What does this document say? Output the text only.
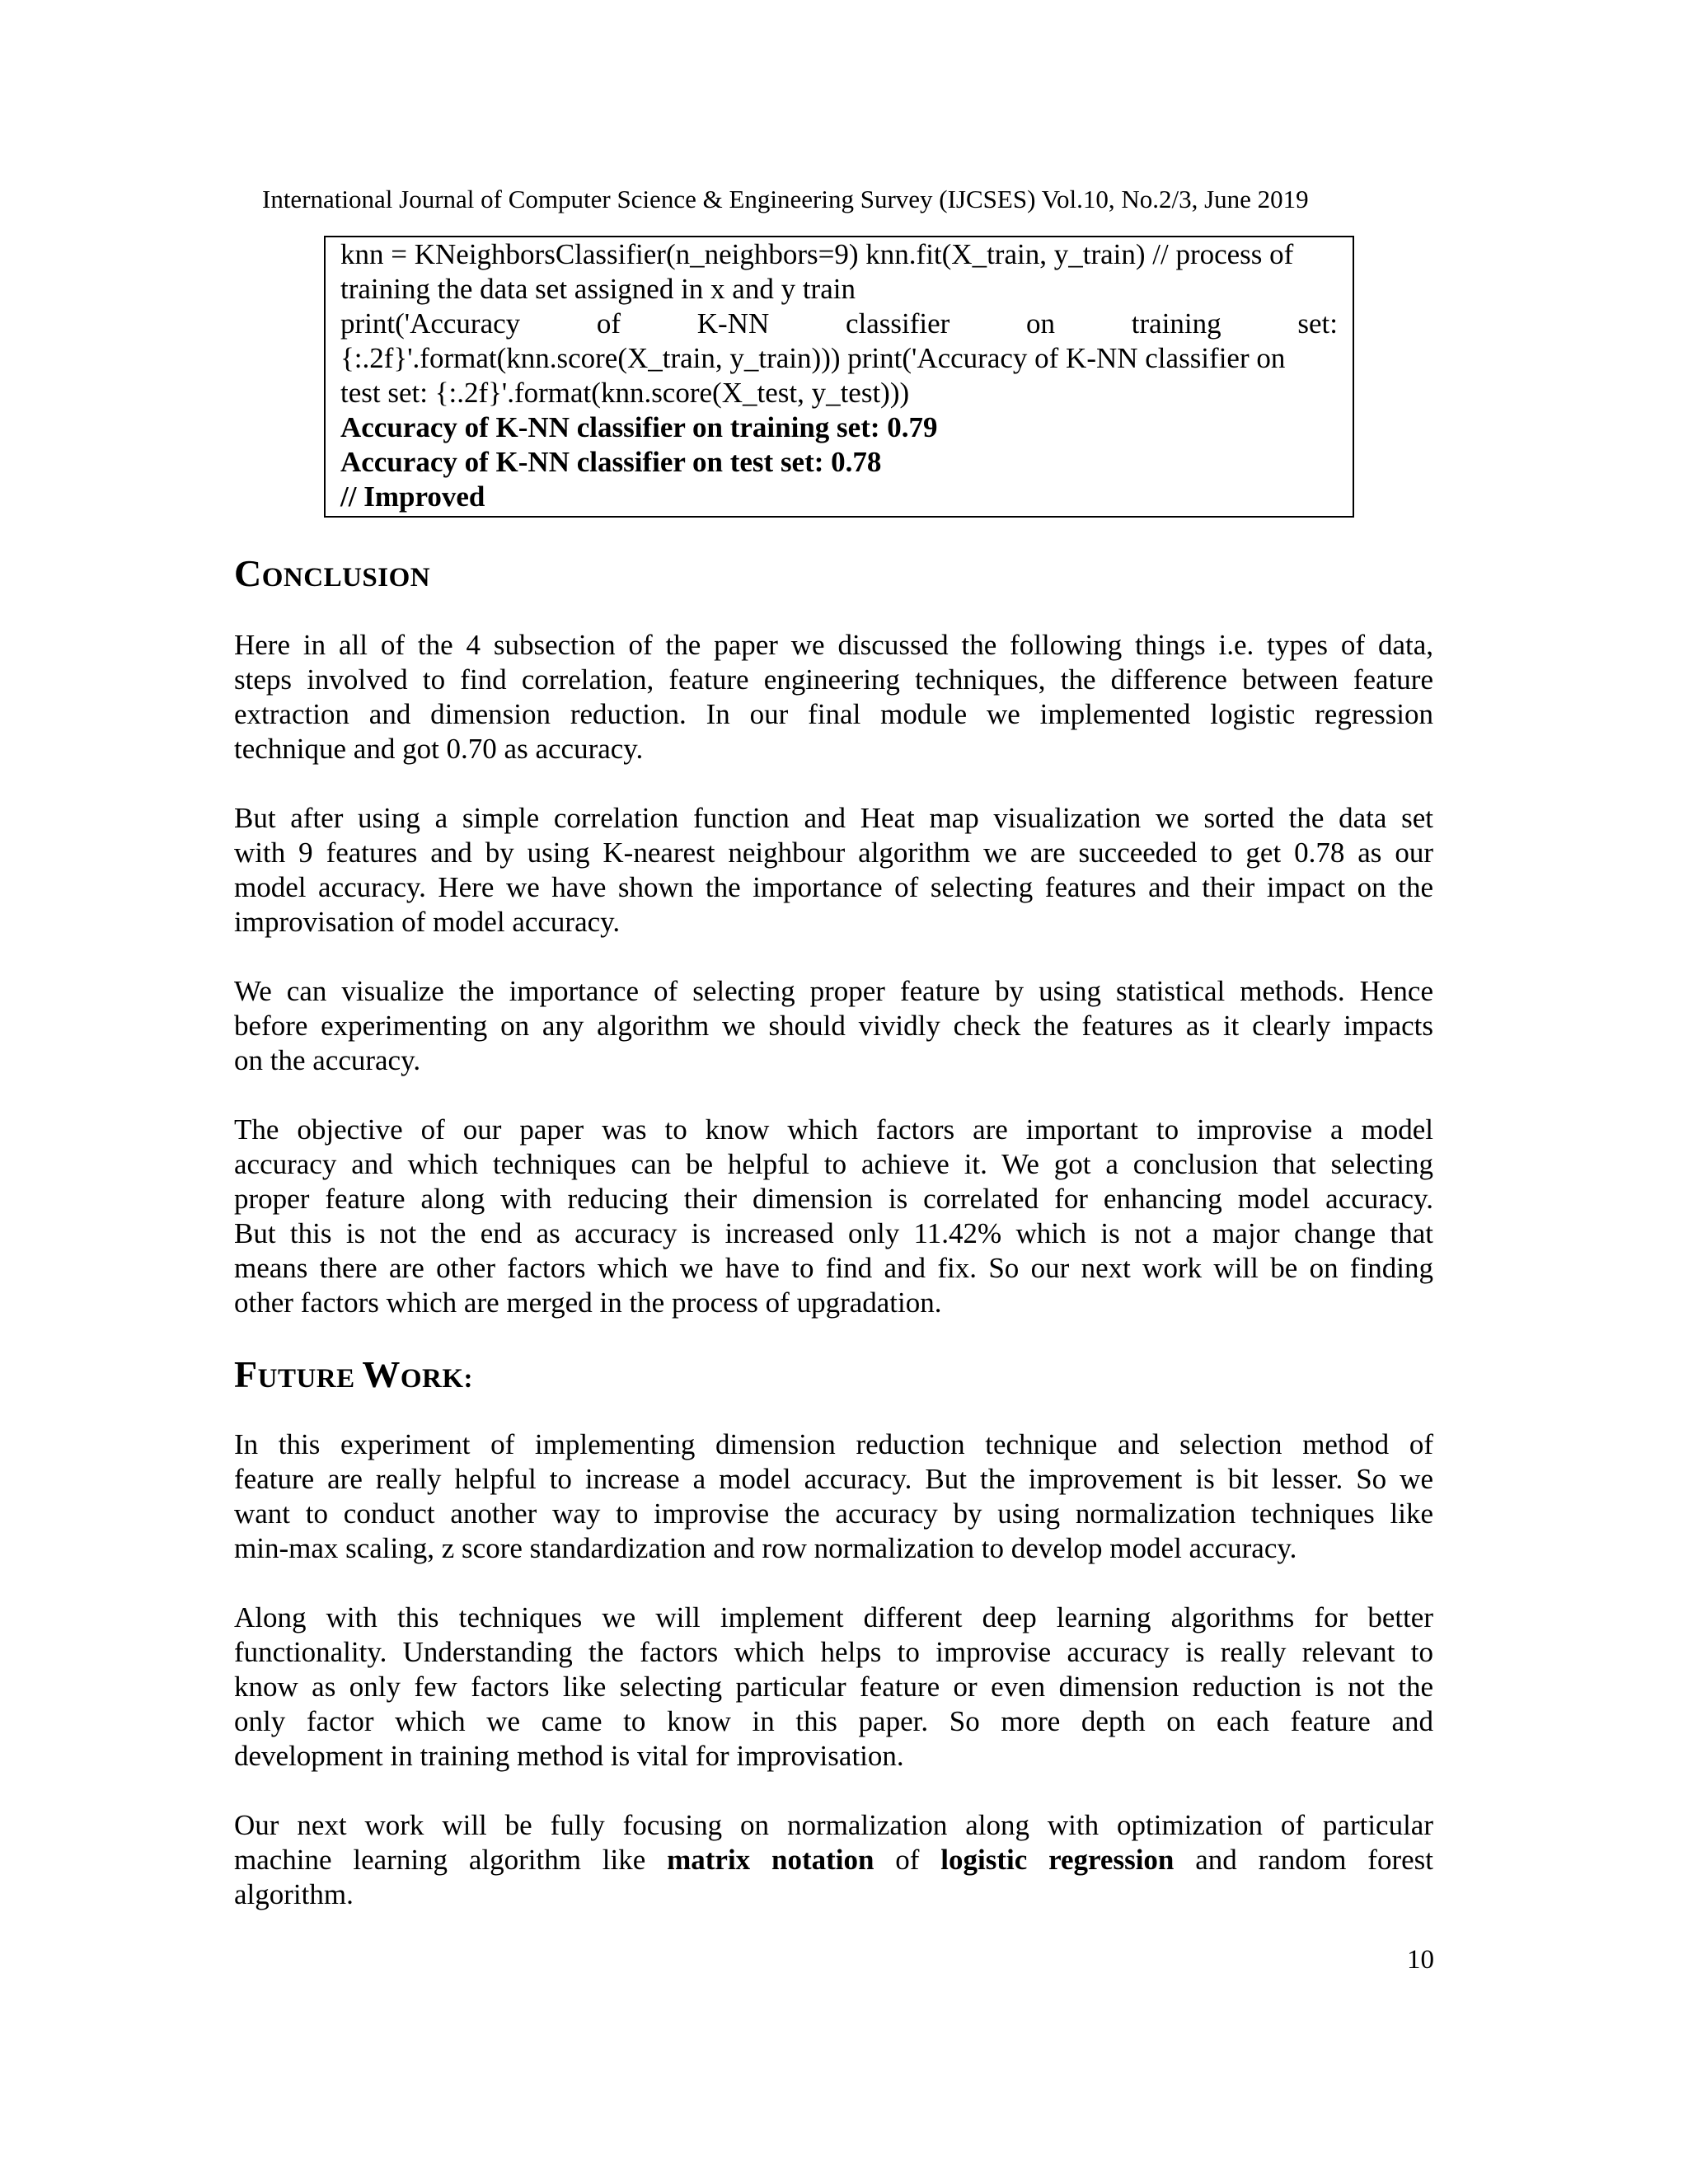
International Journal of Computer Science & Engineering Survey (IJCSES) Vol.10, No.2/3, June 2019
knn = KNeighborsClassifier(n_neighbors=9) knn.fit(X_train, y_train) // process of
training the data set assigned in x and y train
print('Accuracy of K-NN classifier on training set:
{:.2f}'.format(knn.score(X_train, y_train))) print('Accuracy of K-NN classifier on
test set: {:.2f}'.format(knn.score(X_test, y_test)))
Accuracy of K-NN classifier on training set: 0.79
Accuracy of K-NN classifier on test set: 0.78
// Improved
CONCLUSION
Here in all of the 4 subsection of the paper we discussed the following things i.e. types of data,
steps involved to find correlation, feature engineering techniques, the difference between feature
extraction and dimension reduction. In our final module we implemented logistic regression
technique and got 0.70 as accuracy.
But after using a simple correlation function and Heat map visualization we sorted the data set
with 9 features and by using K-nearest neighbour algorithm we are succeeded to get 0.78 as our
model accuracy. Here we have shown the importance of selecting features and their impact on the
improvisation of model accuracy.
We can visualize the importance of selecting proper feature by using statistical methods. Hence
before experimenting on any algorithm we should vividly check the features as it clearly impacts
on the accuracy.
The objective of our paper was to know which factors are important to improvise a model
accuracy and which techniques can be helpful to achieve it. We got a conclusion that selecting
proper feature along with reducing their dimension is correlated for enhancing model accuracy.
But this is not the end as accuracy is increased only 11.42% which is not a major change that
means there are other factors which we have to find and fix. So our next work will be on finding
other factors which are merged in the process of upgradation.
FUTURE WORK:
In this experiment of implementing dimension reduction technique and selection method of
feature are really helpful to increase a model accuracy. But the improvement is bit lesser. So we
want to conduct another way to improvise the accuracy by using normalization techniques like
min-max scaling, z score standardization and row normalization to develop model accuracy.
Along with this techniques we will implement different deep learning algorithms for better
functionality. Understanding the factors which helps to improvise accuracy is really relevant to
know as only few factors like selecting particular feature or even dimension reduction is not the
only factor which we came to know in this paper. So more depth on each feature and
development in training method is vital for improvisation.
Our next work will be fully focusing on normalization along with optimization of particular
machine learning algorithm like matrix notation of logistic regression and random forest
algorithm.
10
